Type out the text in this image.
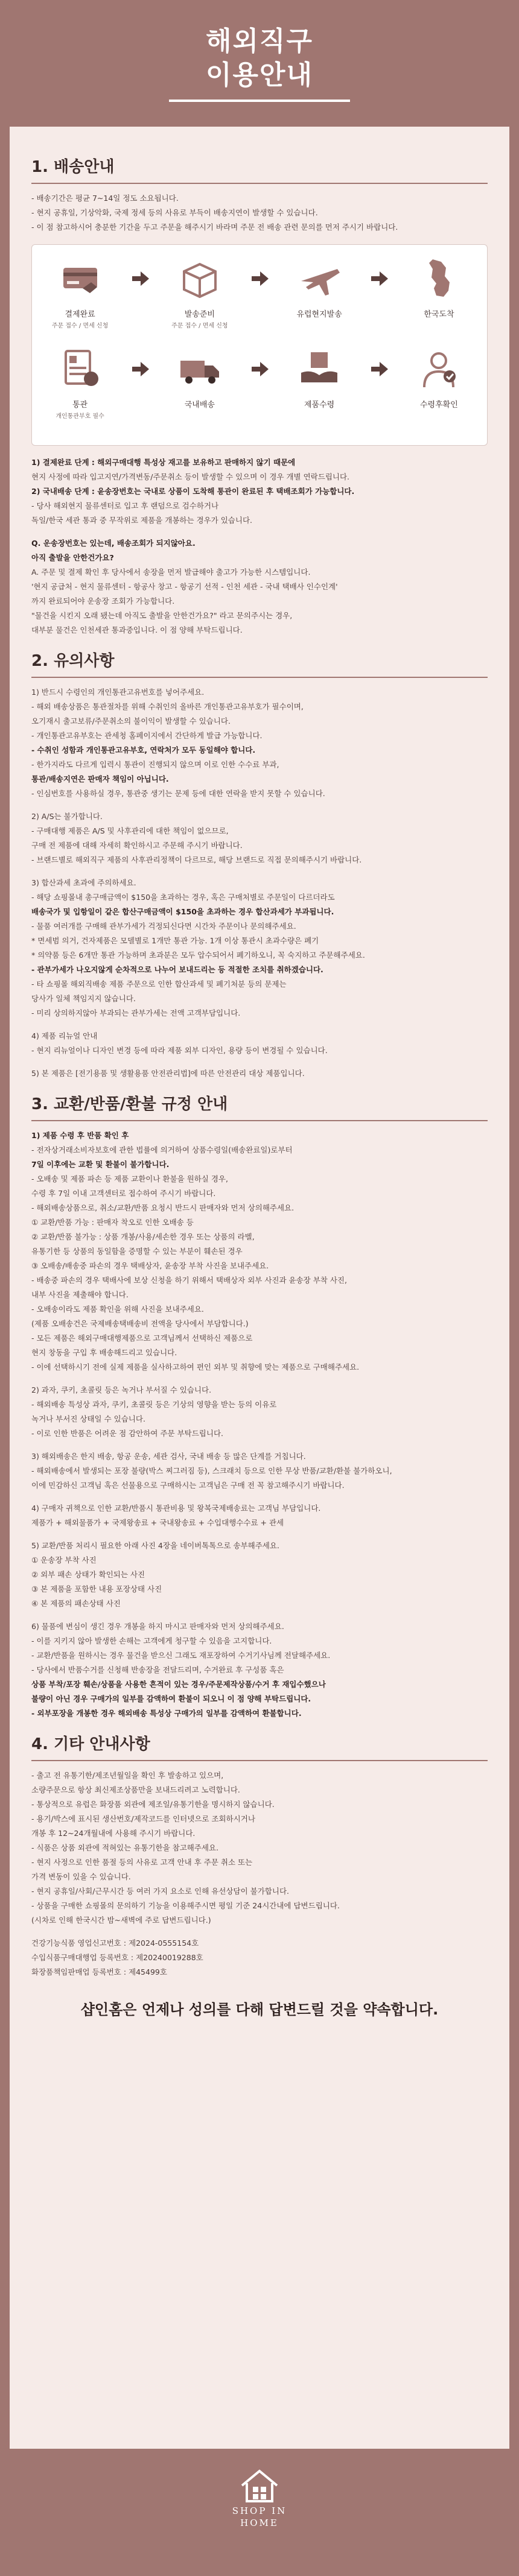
해외직구
이용안내
1. 배송안내
- 배송기간은 평균 7~14일 정도 소요됩니다.
- 현지 공휴일, 기상악화, 국제 정세 등의 사유로 부득이 배송지연이 발생할 수 있습니다.
- 이 점 참고하시어 충분한 기간을 두고 주문을 해주시기 바라며 주문 전 배송 관련 문의를 먼저 주시기 바랍니다.
결제완료
주문 접수 / 면세 신청
발송준비
주문 접수 / 면세 신청
유럽현지발송	한국도착
통관
개인통관부호 필수
국내배송	제품수령	수령후확인
1) 결제완료 단계 : 해외구매대행 특성상 재고를 보유하고 판매하지 않기 때문에
현지 사정에 따라 입고지연/가격변동/주문취소 등이 발생할 수 있으며 이 경우 개별 연락드립니다.
2) 국내배송 단계 : 윤송장번호는 국내로 상품이 도착해 통관이 완료된 후 택배조회가 가능합니다.
- 당사 해외현지 물류센터로 입고 후 랜덤으로 검수하거나
독일/한국 세관 통과 중 무작위로 제품을 개봉하는 경우가 있습니다.
Q. 운송장번호는 있는데, 배송조회가 되지않아요.
아직 출발을 안한건가요?
A. 주문 및 결제 확인 후 당사에서 송장을 먼저 발급해야 출고가 가능한 시스템입니다.
'현지 공급처 - 현지 물류센터 - 항공사 창고 - 항공기 선적 - 인천 세관 - 국내 택배사 인수인계'
까지 완료되어야 운송장 조회가 가능합니다.
"물건을 시킨지 오래 됐는데 아직도 출발을 안한건가요?" 라고 문의주시는 경우,
대부분 물건은 인천세관 통과중입니다. 이 점 양해 부탁드립니다.
2. 유의사항
1) 반드시 수령인의 개인통관고유번호를 넣어주세요.
- 해외 배송상품은 통관절차를 위해 수취인의 올바른 개인통관고유부호가 필수이며,
오기재시 출고보류/주문취소의 불이익이 발생할 수 있습니다.
- 개인통관고유부호는 관세청 홈페이지에서 간단하게 발급 가능합니다.
- 수취인 성함과 개인통관고유부호, 연락처가 모두 동일해야 합니다.
- 한가지라도 다르게 입력시 통관이 진행되지 않으며 이로 인한 수수료 부과,
통관/배송지연은 판매자 책임이 아닙니다.
- 인심번호를 사용하실 경우, 통관중 생기는 문제 등에 대한 연락을 받지 못할 수 있습니다.
2) A/S는 불가합니다.
- 구매대행 제품은 A/S 및 사후관리에 대한 책임이 없으므로,
구매 전 제품에 대해 자세히 확인하시고 주문해 주시기 바랍니다.
- 브랜드별로 해외직구 제품의 사후관리정책이 다르므로, 해당 브랜드로 직접 문의해주시기 바랍니다.
3) 합산과세 초과에 주의하세요.
- 해당 쇼핑몰내 총구매금액이 $150을 초과하는 경우, 혹은 구매처별로 주문일이 다르더라도
배송국가 및 입항일이 같은 합산구매금액이 $150을 초과하는 경우 합산과세가 부과됩니다.
- 물품 여러개를 구매해 관부가세가 걱정되신다면 시간차 주문이나 문의해주세요.
* 면세범 의거, 건자제품은 모델별로 1개만 통관 가능. 1개 이상 통관시 초과수량은 폐기
* 의약품 등은 6개만 통관 가능하며 초과분은 모두 압수되어서 폐기하오니, 꼭 숙지하고 주문해주세요.
- 관부가세가 나오지않게 순차적으로 나누어 보내드리는 등 적절한 조치를 취하겠습니다.
- 타 쇼핑몰 해외직배송 제품 주문으로 인한 합산과세 및 폐기처분 등의 문제는
당사가 일체 책임지지 않습니다.
- 미리 상의하지않아 부과되는 관부가세는 전액 고객부담입니다.
4) 제품 리뉴얼 안내
- 현지 리뉴얼이나 디자인 변경 등에 따라 제품 외부 디자인, 용량 등이 변경될 수 있습니다.
5) 본 제품은 [전기용품 및 생활용품 안전관리법]에 따른 안전관리 대상 제품입니다.
3. 교환/반품/환불 규정 안내
1) 제품 수령 후 반품 확인 후
- 전자상거래소비자보호에 관한 법률에 의거하여 상품수령일(배송완료일)로부터
7일 이후에는 교환 및 환불이 불가합니다.
- 오배송 및 제품 파손 등 제품 교환이나 환불을 원하실 경우,
수령 후 7일 이내 고객센터로 접수하여 주시기 바랍니다.
- 해외배송상품으로, 취소/교환/반품 요청시 반드시 판매자와 먼저 상의해주세요.
① 교환/반품 가능 : 판매자 착오로 인한 오배송 등
② 교환/반품 불가능 : 상품 개봉/사용/세손한 경우 또는 상품의 라벨,
유통기한 등 상품의 동일함을 증명할 수 있는 부분이 훼손된 경우
③ 오배송/배송중 파손의 경우 택배상자, 윤송장 부착 사진을 보내주세요.
- 배송중 파손의 경우 택배사에 보상 신청을 하기 위해서 택배상자 외부 사진과 윤송장 부착 사진,
내부 사진을 제출해야 합니다.
- 오배송이라도 제품 확인을 위해 사진을 보내주세요.
(제품 오배송건은 국제배송택배송비 전액을 당사에서 부담합니다.)
- 모든 제품은 해외구매대행제품으로 고객님께서 선택하신 제품으로
현지 창동을 구입 후 배송해드리고 있습니다.
- 이에 선택하시기 전에 실제 제품을 실사하고하여 편인 외부 및 취향에 맞는 제품으로 구매해주세요.
2) 과자, 쿠키, 초콜릿 등은 녹거나 부서질 수 있습니다.
- 해외배송 특성상 과자, 쿠키, 초콜릿 등은 기상의 영향을 받는 등의 이유로
녹거나 부서진 상태일 수 있습니다.
- 이로 인한 반품은 어려운 점 감안하여 주문 부탁드립니다.
3) 해외배송은 한지 배송, 항공 운송, 세관 검사, 국내 배송 등 많은 단계를 거칩니다.
- 해외배송에서 발생되는 포장 불량(박스 찌그러짐 등), 스크래치 등으로 인한 무상 반품/교환/환불 불가하오니,
이에 민감하신 고객님 혹은 선물용으로 구매하시는 고객님은 구매 전 꼭 참고해주시기 바랍니다.
4) 구매자 귀책으로 인한 교환/반품시 통관비용 및 왕복국제배송료는 고객님 부담입니다.
제품가 + 해외물품가 + 국제왕송료 + 국내왕송료 + 수입대행수수료 + 관세
5) 교환/반품 처리시 필요한 아래 사진 4장을 네이버톡톡으로 송부해주세요.
① 운송장 부착 사진
② 외부 패손 상태가 확인되는 사진
③ 본 제품을 포함한 내용 포장상태 사진
④ 본 제품의 패손상태 사진
6) 물품에 변심이 생긴 경우 개봉을 하지 마시고 판매자와 먼저 상의해주세요.
- 이를 지키지 않아 발생한 손해는 고객에게 청구할 수 있음을 고지합니다.
- 교환/반품을 원하시는 경우 물건을 받으신 그래도 재포장하여 수거기사님께 전달해주세요.
- 당사에서 반품수거를 신청해 반송장을 전달드리며, 수거완료 후 구성품 혹은
상품 부착/포장 훼손/상품을 사용한 흔적이 있는 경우/주문제작상품/수거 후 재입수했으나
불량이 아닌 경우 구매가의 일부를 감액하여 환불이 되오니 이 점 양해 부탁드립니다.
- 외부포장을 개봉한 경우 해외배송 특성상 구매가의 일부를 감액하여 환불합니다.
4. 기타 안내사항
- 출고 전 유통기한/제조년월일을 확인 후 발송하고 있으며,
소량주문으로 항상 최신제조상품만을 보내드리려고 노력합니다.
- 통상적으로 유럽은 화장품 외관에 제조일/유통기한을 명시하지 않습니다.
- 용기/박스에 표시된 생산번호/제작코드를 인터넷으로 조회하시거나
개봉 후 12~24개월내에 사용해 주시기 바랍니다.
- 식품은 상품 외관에 적혀있는 유통기한을 참고해주세요.
- 현지 사정으로 인한 품절 등의 사유로 고객 안내 후 주문 취소 또는
가격 변동이 있을 수 있습니다.
- 현지 공휴일/사회/근무시간 등 여러 가지 요소로 인해 유선상담이 불가합니다.
- 상품을 구매한 쇼핑몰의 문의하기 기능을 이용해주시면 평일 기준 24시간내에 답변드립니다.
(시차로 인해 한국시간 밤~새벽에 주로 답변드립니다.)
건강기능식품 영업신고번호 : 제2024-0555154호
수입식품구매대행업 등록번호 : 제20240019288호
화장품책임판매업 등록번호 : 제45499호
샵인홈은 언제나 성의를 다해 답변드릴 것을 약속합니다.
SHOP IN
HOME
